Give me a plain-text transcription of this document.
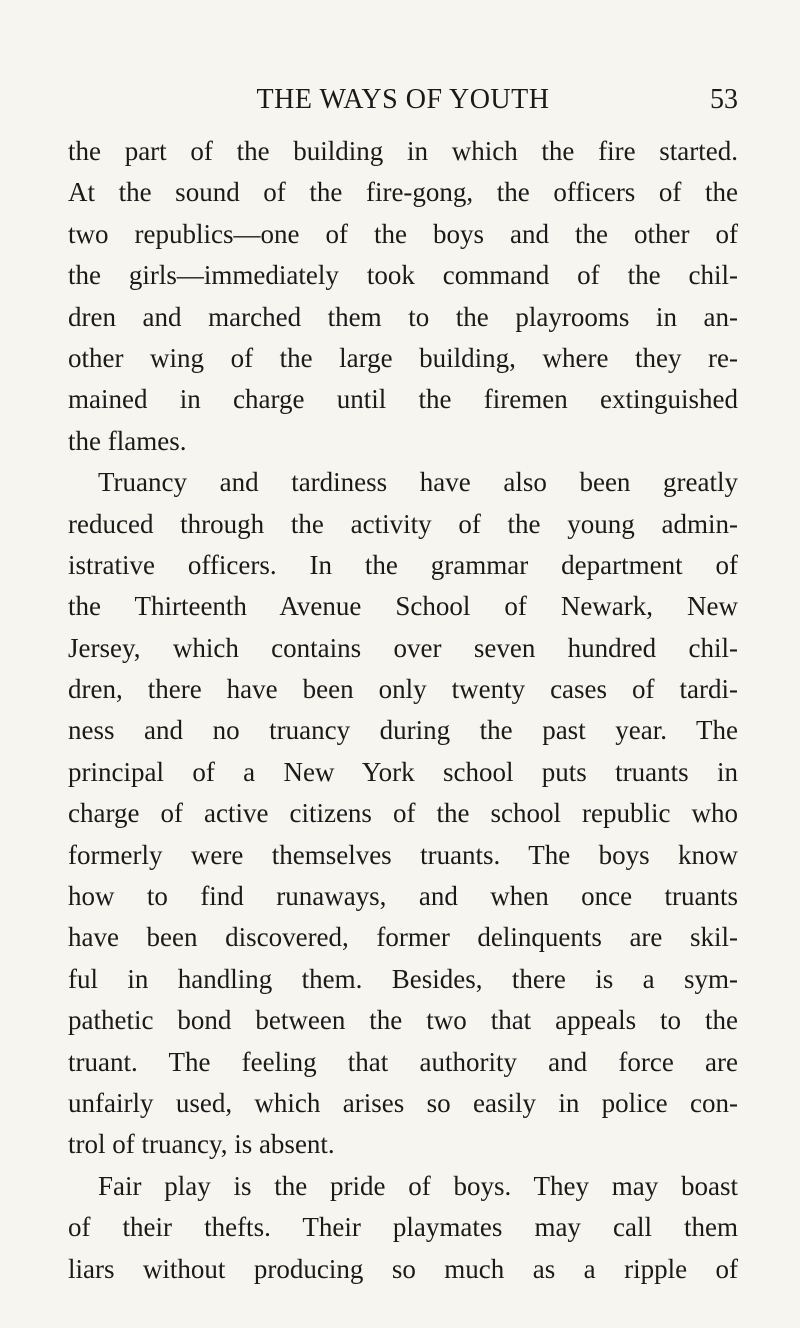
THE WAYS OF YOUTH	53
the part of the building in which the fire started.
At the sound of the fire-gong, the officers of the
two republics—one of the boys and the other of
the girls—immediately took command of the chil-
dren and marched them to the playrooms in an-
other wing of the large building, where they re-
mained in charge until the firemen extinguished
the flames.
Truancy and tardiness have also been greatly
reduced through the activity of the young admin-
istrative officers. In the grammar department of
the Thirteenth Avenue School of Newark, New
Jersey, which contains over seven hundred chil-
dren, there have been only twenty cases of tardi-
ness and no truancy during the past year. The
principal of a New York school puts truants in
charge of active citizens of the school republic who
formerly were themselves truants. The boys know
how to find runaways, and when once truants
have been discovered, former delinquents are skil-
ful in handling them. Besides, there is a sym-
pathetic bond between the two that appeals to the
truant. The feeling that authority and force are
unfairly used, which arises so easily in police con-
trol of truancy, is absent.
Fair play is the pride of boys. They may boast
of their thefts. Their playmates may call them
liars without producing so much as a ripple of
